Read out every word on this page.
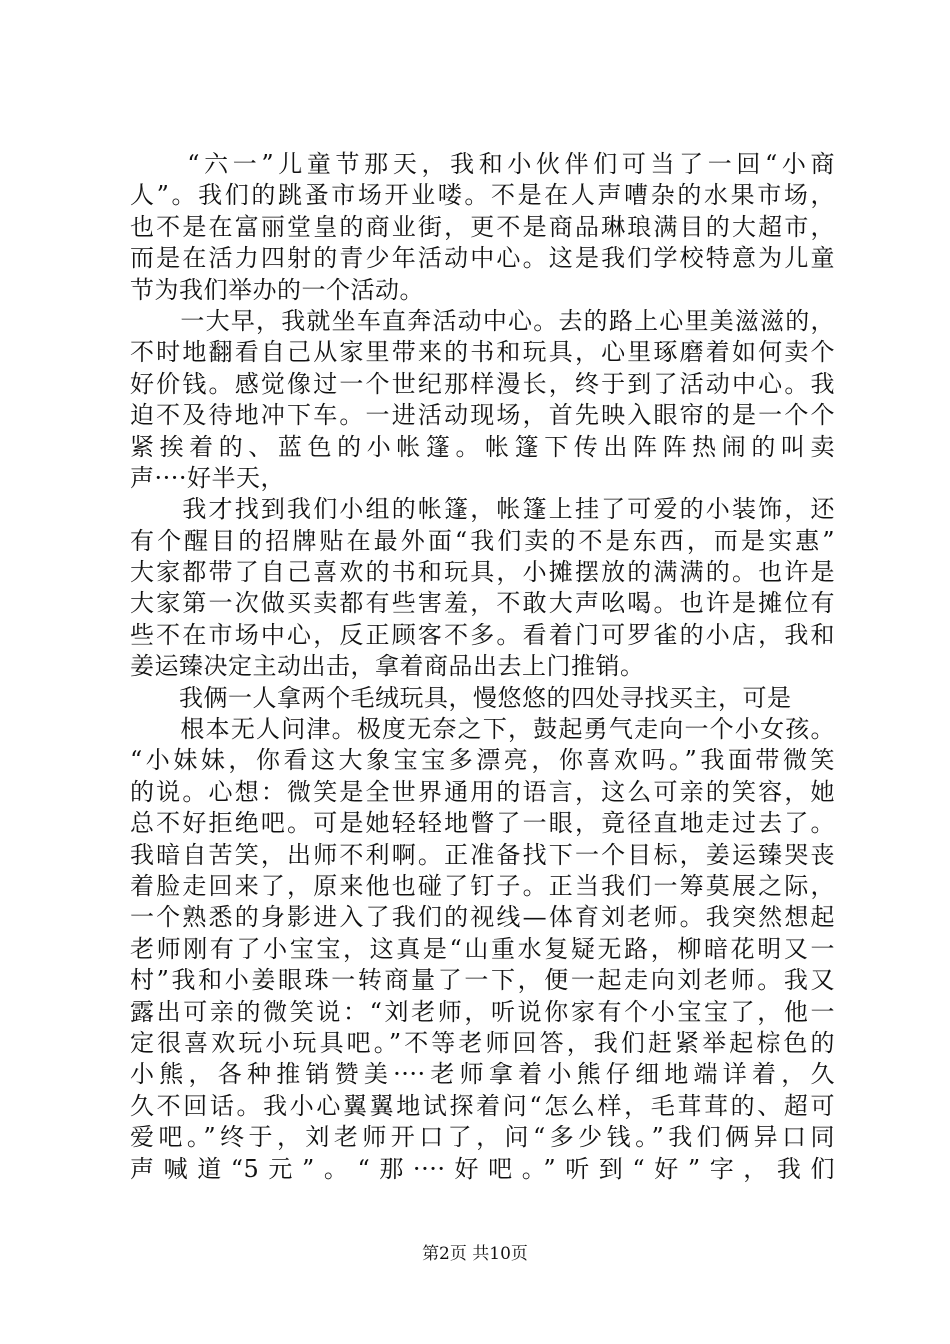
　　“六一”儿童节那天，我和小伙伴们可当了一回“小商
人”。我们的跳蚤市场开业喽。不是在人声嘈杂的水果市场，
也不是在富丽堂皇的商业街，更不是商品琳琅满目的大超市，
而是在活力四射的青少年活动中心。这是我们学校特意为儿童
节为我们举办的一个活动。
　　一大早，我就坐车直奔活动中心。去的路上心里美滋滋的，
不时地翻看自己从家里带来的书和玩具，心里琢磨着如何卖个
好价钱。感觉像过一个世纪那样漫长，终于到了活动中心。我
迫不及待地冲下车。一进活动现场，首先映入眼帘的是一个个
紧挨着的、蓝色的小帐篷。帐篷下传出阵阵热闹的叫卖
声····好半天，
　　我才找到我们小组的帐篷，帐篷上挂了可爱的小装饰，还
有个醒目的招牌贴在最外面“我们卖的不是东西，而是实惠”
大家都带了自己喜欢的书和玩具，小摊摆放的满满的。也许是
大家第一次做买卖都有些害羞，不敢大声吆喝。也许是摊位有
些不在市场中心，反正顾客不多。看着门可罗雀的小店，我和
姜运臻决定主动出击，拿着商品出去上门推销。
　　我俩一人拿两个毛绒玩具，慢悠悠的四处寻找买主，可是
　　根本无人问津。极度无奈之下，鼓起勇气走向一个小女孩。
“小妹妹，你看这大象宝宝多漂亮，你喜欢吗。”我面带微笑
的说。心想：微笑是全世界通用的语言，这么可亲的笑容，她
总不好拒绝吧。可是她轻轻地瞥了一眼，竟径直地走过去了。
我暗自苦笑，出师不利啊。正准备找下一个目标，姜运臻哭丧
着脸走回来了，原来他也碰了钉子。正当我们一筹莫展之际，
一个熟悉的身影进入了我们的视线—体育刘老师。我突然想起
老师刚有了小宝宝，这真是“山重水复疑无路，柳暗花明又一
村”我和小姜眼珠一转商量了一下，便一起走向刘老师。我又
露出可亲的微笑说：“刘老师，听说你家有个小宝宝了，他一
定很喜欢玩小玩具吧。”不等老师回答，我们赶紧举起棕色的
小熊，各种推销赞美····老师拿着小熊仔细地端详着，久
久不回话。我小心翼翼地试探着问“怎么样，毛茸茸的、超可
爱吧。”终于，刘老师开口了，问“多少钱。”我们俩异口同
声喊道“5元”。“那····好吧。”听到“好”字，我们
第2页 共10页
